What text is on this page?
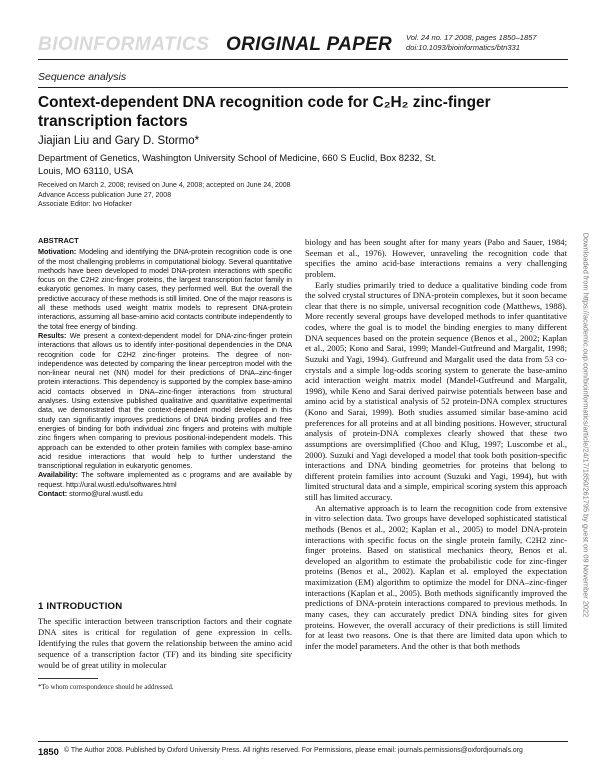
BIOINFORMATICS ORIGINAL PAPER Vol. 24 no. 17 2008, pages 1850–1857
doi:10.1093/bioinformatics/btn331
Sequence analysis
Context-dependent DNA recognition code for C₂H₂ zinc-finger transcription factors
Jiajian Liu and Gary D. Stormo*
Department of Genetics, Washington University School of Medicine, 660 S Euclid, Box 8232, St. Louis, MO 63110, USA
Received on March 2, 2008; revised on June 4, 2008; accepted on June 24, 2008
Advance Access publication June 27, 2008
Associate Editor: Ivo Hofacker
ABSTRACT

Motivation: Modeling and identifying the DNA-protein recognition code is one of the most challenging problems in computational biology. Several quantitative methods have been developed to model DNA-protein interactions with specific focus on the C2H2 zinc-finger proteins, the largest transcription factor family in eukaryotic genomes. In many cases, they performed well. But the overall the predictive accuracy of these methods is still limited. One of the major reasons is all these methods used weight matrix models to represent DNA-protein interactions, assuming all base-amino acid contacts contribute independently to the total free energy of binding.

Results: We present a context-dependent model for DNA-zinc-finger protein interactions that allows us to identify inter-positional dependencies in the DNA recognition code for C2H2 zinc-finger proteins. The degree of non-independence was detected by comparing the linear perceptron model with the non-linear neural net (NN) model for their predictions of DNA–zinc-finger protein interactions. This dependency is supported by the complex base-amino acid contacts observed in DNA–zinc-finger interactions from structural analyses. Using extensive published qualitative and quantitative experimental data, we demonstrated that the context-dependent model developed in this study can significantly improves predictions of DNA binding profiles and free energies of binding for both individual zinc fingers and proteins with multiple zinc fingers when comparing to previous positional-independent models. This approach can be extended to other protein families with complex base-amino acid residue interactions that would help to further understand the transcriptional regulation in eukaryotic genomes.

Availability: The software implemented as c programs and are available by request. http://ural.wustl.edu/softwares.html

Contact: stormo@ural.wustl.edu

1 INTRODUCTION
The specific interaction between transcription factors and their cognate DNA sites is critical for regulation of gene expression in cells. Identifying the rules that govern the relationship between the amino acid sequence of a transcription factor (TF) and its binding site specificity would be of great utility in molecular
*To whom correspondence should be addressed.

biology and has been sought after for many years (Pabo and Sauer, 1984; Seeman et al., 1976). However, unraveling the recognition code that specifies the amino acid-base interactions remains a very challenging problem.

Early studies primarily tried to deduce a qualitative binding code from the solved crystal structures of DNA-protein complexes, but it soon became clear that there is no simple, universal recognition code (Matthews, 1988). More recently several groups have developed methods to infer quantitative codes, where the goal is to model the binding energies to many different DNA sequences based on the protein sequence (Benos et al., 2002; Kaplan et al., 2005; Kono and Sarai, 1999; Mandel-Gutfreund and Margalit, 1998; Suzuki and Yagi, 1994). Gutfreund and Margalit used the data from 53 co-crystals and a simple log-odds scoring system to generate the base-amino acid interaction weight matrix model (Mandel-Gutfreund and Margalit, 1998), while Keno and Sarai derived pairwise potentials between base and amino acid by a statistical analysis of 52 protein-DNA complex structures (Kono and Sarai, 1999). Both studies assumed similar base-amino acid preferences for all proteins and at all binding positions. However, structural analysis of protein-DNA complexes clearly showed that these two assumptions are oversimplified (Choo and Klug, 1997; Luscombe et al., 2000). Suzuki and Yagi developed a model that took both position-specific interactions and DNA binding geometries for proteins that belong to different protein families into account (Suzuki and Yagi, 1994), but with limited structural data and a simple, empirical scoring system this approach still has limited accuracy.

An alternative approach is to learn the recognition code from extensive in vitro selection data. Two groups have developed sophisticated statistical methods (Benos et al., 2002; Kaplan et al., 2005) to model DNA-protein interactions with specific focus on the single protein family, C2H2 zinc-finger proteins. Based on statistical mechanics theory, Benos et al. developed an algorithm to estimate the probabilistic code for zinc-finger proteins (Benos et al., 2002). Kaplan et al. employed the expectation maximization (EM) algorithm to optimize the model for DNA–zinc-finger interactions (Kaplan et al., 2005). Both methods significantly improved the predictions of DNA-protein interactions compared to previous methods. In many cases, they can accurately predict DNA binding sites for given proteins. However, the overall accuracy of their predictions is still limited for at least two reasons. One is that there are limited data upon which to infer the model parameters. And the other is that both methods

Downloaded from https://academic.oup.com/bioinformatics/article/24/17/1850/261795 by guest on 09 November 2022
1850 © The Author 2008. Published by Oxford University Press. All rights reserved. For Permissions, please email: journals.permissions@oxfordjournals.org
